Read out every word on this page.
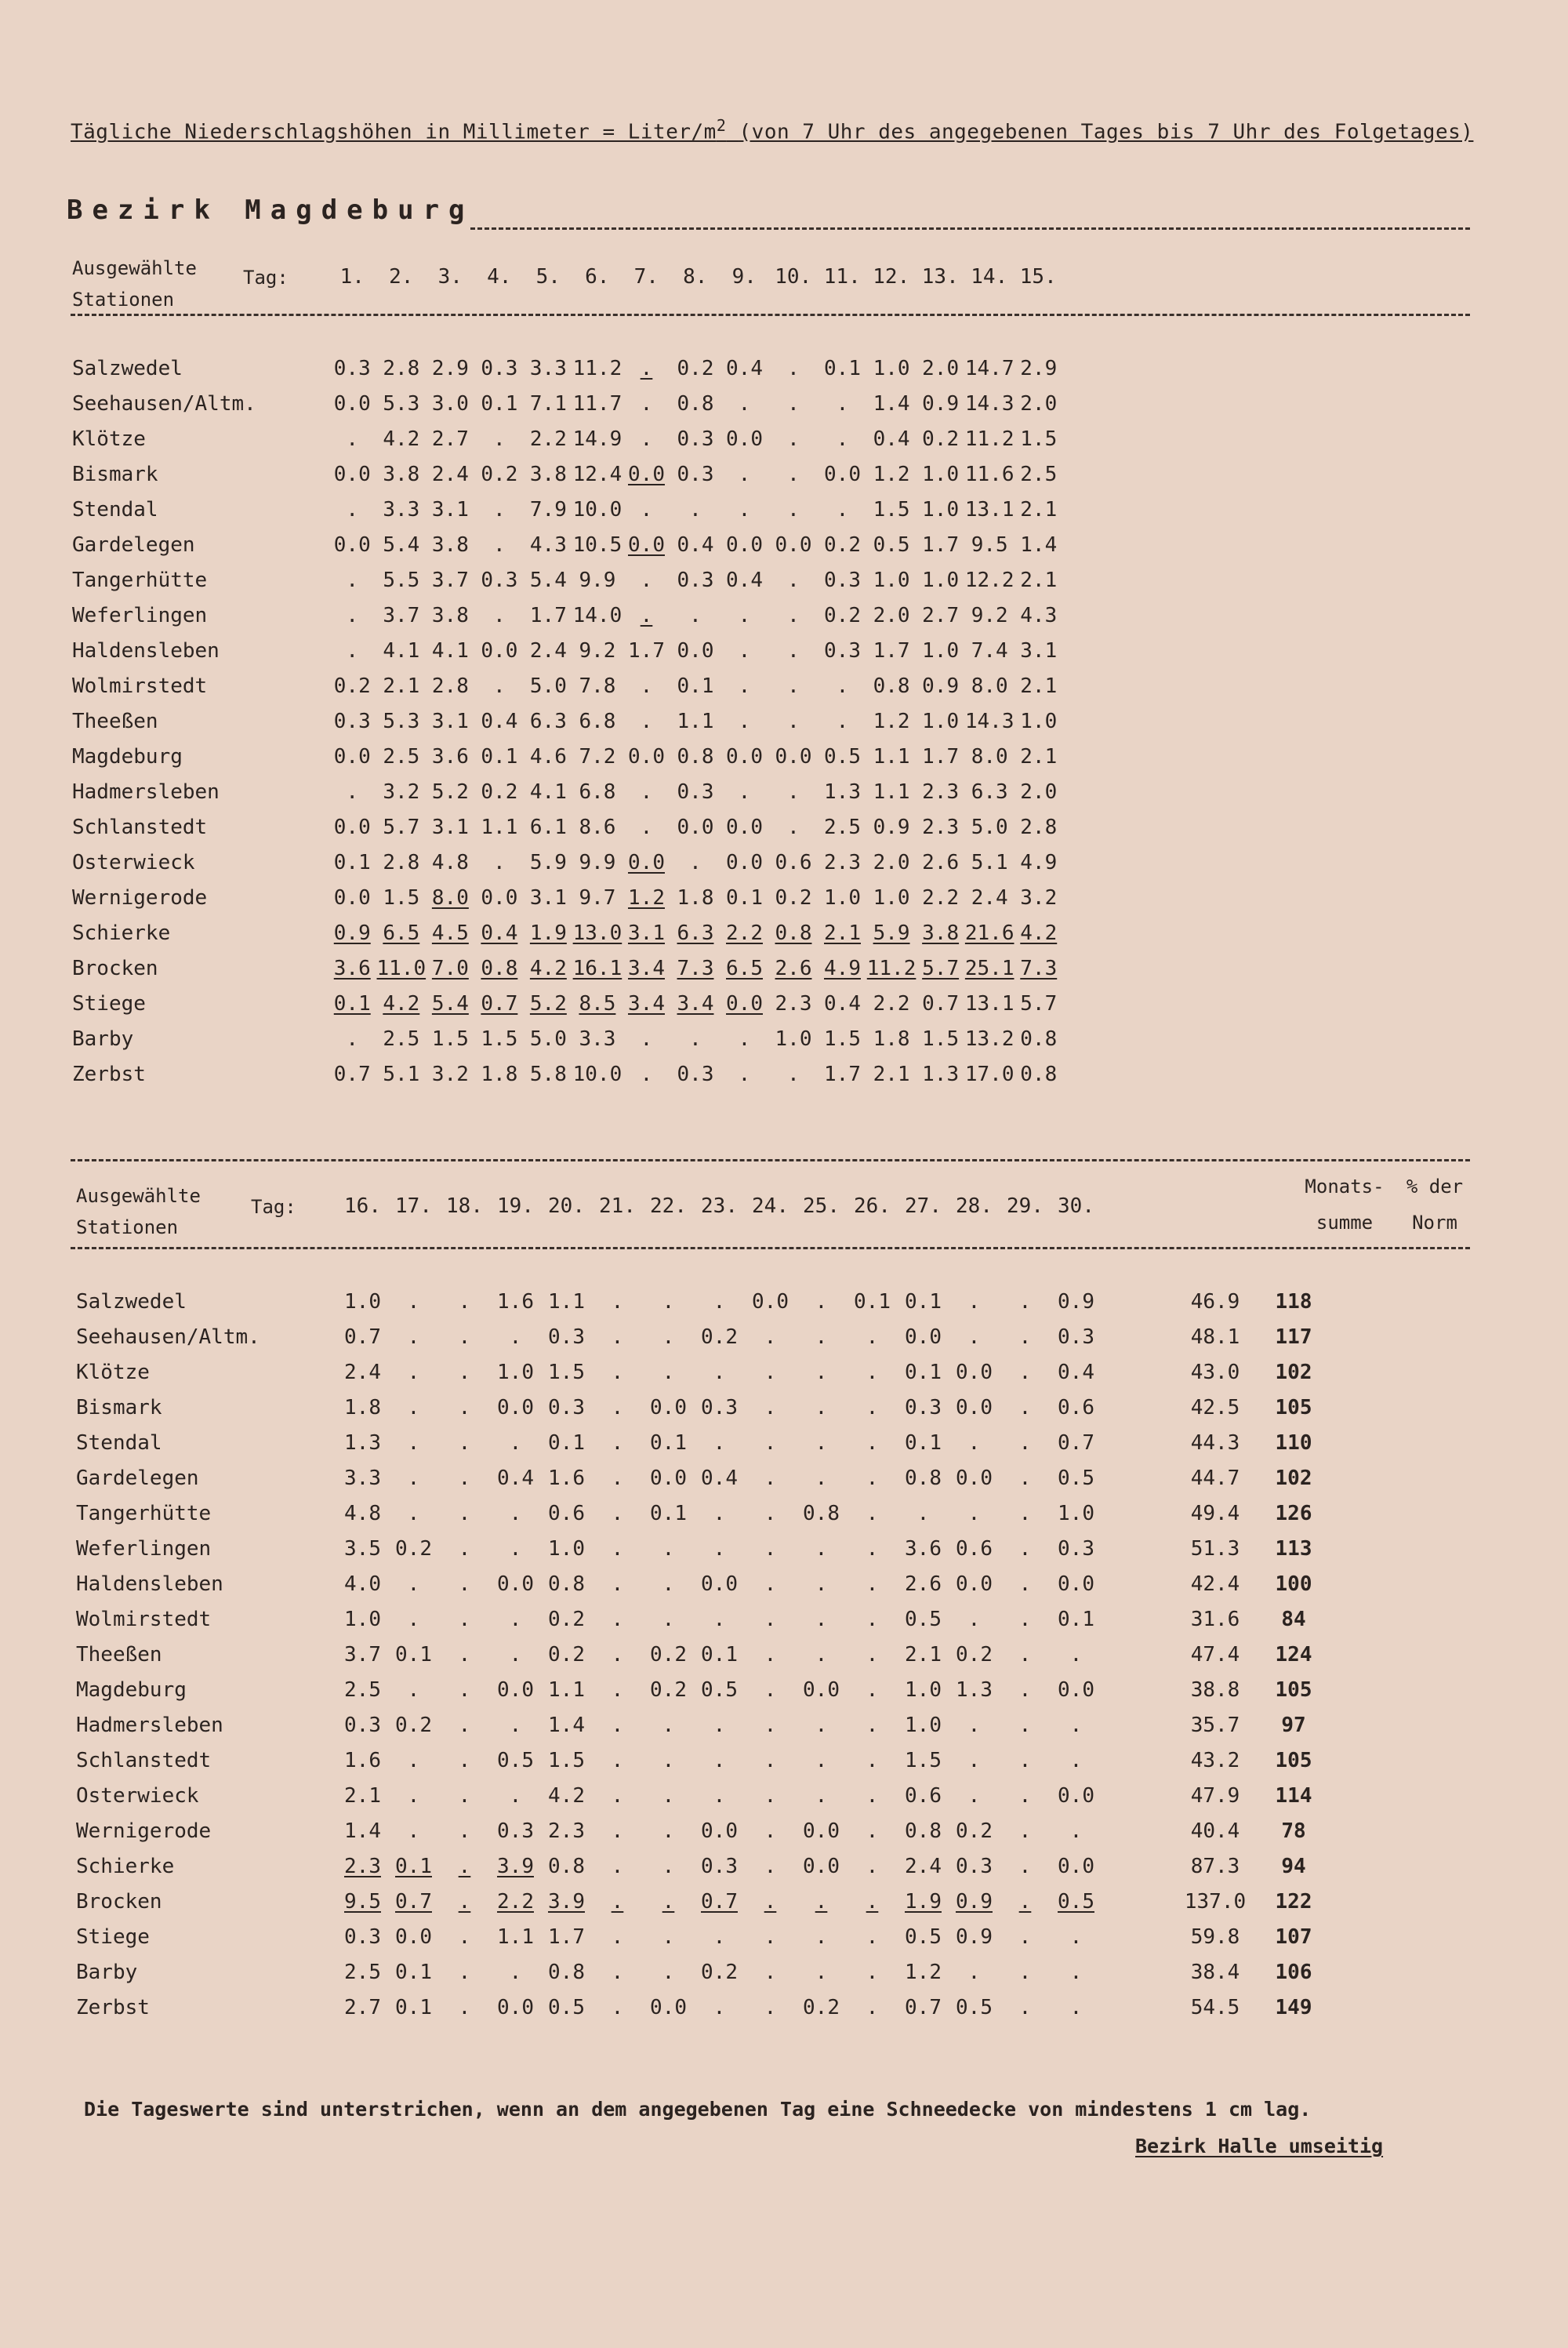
Tägliche Niederschlagshöhen in Millimeter = Liter/$m^2$ (von 7 Uhr des angegebenen Tages bis 7 Uhr des Folgetages)
Bezirk Magdeburg
Ausgewählte
Stationen
Tag:	1.	2.	3.	4.	5.	6.	7.	8.	9. 10. 11. 12. 13. 14. 15.
Salzwedel	0.3	2.8	2.9	0.3	3.3	11.2	.	0.2	0.4	.	0.1	1.0	2.0	14.7	2.9
Seehausen/Altm.	0.0	5.3	3.0	0.1	7.1	11.7	.	0.8	.	.	.	1.4	0.9	14.3	2.0
Klötze	.	4.2	2.7	.	2.2	14.9	.	0.3	0.0	.	.	0.4	0.2	11.2	1.5
Bismark	0.0	3.8	2.4	0.2	3.8	12.4	0.0	0.3	.	.	0.0	1.2	1.0	11.6	2.5
Stendal	.	3.3	3.1	.	7.9	10.0	.	.	.	.	.	1.5	1.0	13.1	2.1
Gardelegen	0.0	5.4	3.8	.	4.3	10.5	0.0	0.4	0.0	0.0	0.2	0.5	1.7	9.5	1.4
Tangerhütte	.	5.5	3.7	0.3	5.4	9.9	.	0.3	0.4	.	0.3	1.0	1.0	12.2	2.1
Weferlingen	.	3.7	3.8	.	1.7	14.0	.	.	.	.	0.2	2.0	2.7	9.2	4.3
Haldensleben	.	4.1	4.1	0.0	2.4	9.2	1.7	0.0	.	.	0.3	1.7	1.0	7.4	3.1
Wolmirstedt	0.2	2.1	2.8	.	5.0	7.8	.	0.1	.	.	.	0.8	0.9	8.0	2.1
Theeßen	0.3	5.3	3.1	0.4	6.3	6.8	.	1.1	.	.	.	1.2	1.0	14.3	1.0
Magdeburg	0.0	2.5	3.6	0.1	4.6	7.2	0.0	0.8	0.0	0.0	0.5	1.1	1.7	8.0	2.1
Hadmersleben	.	3.2	5.2	0.2	4.1	6.8	.	0.3	.	.	1.3	1.1	2.3	6.3	2.0
Schlanstedt	0.0	5.7	3.1	1.1	6.1	8.6	.	0.0	0.0	.	2.5	0.9	2.3	5.0	2.8
Osterwieck	0.1	2.8	4.8	.	5.9	9.9	0.0	.	0.0	0.6	2.3	2.0	2.6	5.1	4.9
Wernigerode	0.0	1.5	8.0	0.0	3.1	9.7	1.2	1.8	0.1	0.2	1.0	1.0	2.2	2.4	3.2
Schierke	0.9	6.5	4.5	0.4	1.9	13.0	3.1	6.3	2.2	0.8	2.1	5.9	3.8	21.6	4.2
Brocken	3.6	11.0	7.0	0.8	4.2	16.1	3.4	7.3	6.5	2.6	4.9	11.2	5.7	25.1	7.3
Stiege	0.1	4.2	5.4	0.7	5.2	8.5	3.4	3.4	0.0	2.3	0.4	2.2	0.7	13.1	5.7
Barby	.	2.5	1.5	1.5	5.0	3.3	.	.	.	1.0	1.5	1.8	1.5	13.2	0.8
Zerbst	0.7	5.1	3.2	1.8	5.8	10.0	.	0.3	.	.	1.7	2.1	1.3	17.0	0.8
Ausgewählte
Stationen
Tag:	16. 17. 18. 19. 20. 21. 22. 23. 24. 25. 26. 27. 28. 29. 30.
Monats-
summe
% der
Norm
Salzwedel	1.0	.	.	1.6	1.1	.	.	.	0.0	.	0.1	0.1	.	.	0.9		46.9	118
Seehausen/Altm.	0.7	.	.	.	0.3	.	.	0.2	.	.	.	0.0	.	.	0.3		48.1	117
Klötze	2.4	.	.	1.0	1.5	.	.	.	.	.	.	0.1	0.0	.	0.4		43.0	102
Bismark	1.8	.	.	0.0	0.3	.	0.0	0.3	.	.	.	0.3	0.0	.	0.6		42.5	105
Stendal	1.3	.	.	.	0.1	.	0.1	.	.	.	.	0.1	.	.	0.7		44.3	110
Gardelegen	3.3	.	.	0.4	1.6	.	0.0	0.4	.	.	.	0.8	0.0	.	0.5		44.7	102
Tangerhütte	4.8	.	.	.	0.6	.	0.1	.	.	0.8	.	.	.	.	1.0		49.4	126
Weferlingen	3.5	0.2	.	.	1.0	.	.	.	.	.	.	3.6	0.6	.	0.3		51.3	113
Haldensleben	4.0	.	.	0.0	0.8	.	.	0.0	.	.	.	2.6	0.0	.	0.0		42.4	100
Wolmirstedt	1.0	.	.	.	0.2	.	.	.	.	.	.	0.5	.	.	0.1		31.6	84
Theeßen	3.7	0.1	.	.	0.2	.	0.2	0.1	.	.	.	2.1	0.2	.	.		47.4	124
Magdeburg	2.5	.	.	0.0	1.1	.	0.2	0.5	.	0.0	.	1.0	1.3	.	0.0		38.8	105
Hadmersleben	0.3	0.2	.	.	1.4	.	.	.	.	.	.	1.0	.	.	.		35.7	97
Schlanstedt	1.6	.	.	0.5	1.5	.	.	.	.	.	.	1.5	.	.	.		43.2	105
Osterwieck	2.1	.	.	.	4.2	.	.	.	.	.	.	0.6	.	.	0.0		47.9	114
Wernigerode	1.4	.	.	0.3	2.3	.	.	0.0	.	0.0	.	0.8	0.2	.	.		40.4	78
Schierke	2.3	0.1	.	3.9	0.8	.	.	0.3	.	0.0	.	2.4	0.3	.	0.0		87.3	94
Brocken	9.5	0.7	.	2.2	3.9	.	.	0.7	.	.	.	1.9	0.9	.	0.5		137.0	122
Stiege	0.3	0.0	.	1.1	1.7	.	.	.	.	.	.	0.5	0.9	.	.		59.8	107
Barby	2.5	0.1	.	.	0.8	.	.	0.2	.	.	.	1.2	.	.	.		38.4	106
Zerbst	2.7	0.1	.	0.0	0.5	.	0.0	.	.	0.2	.	0.7	0.5	.	.		54.5	149
Die Tageswerte sind unterstrichen, wenn an dem angegebenen Tag eine Schneedecke von mindestens 1 cm lag.
Bezirk Halle umseitig
